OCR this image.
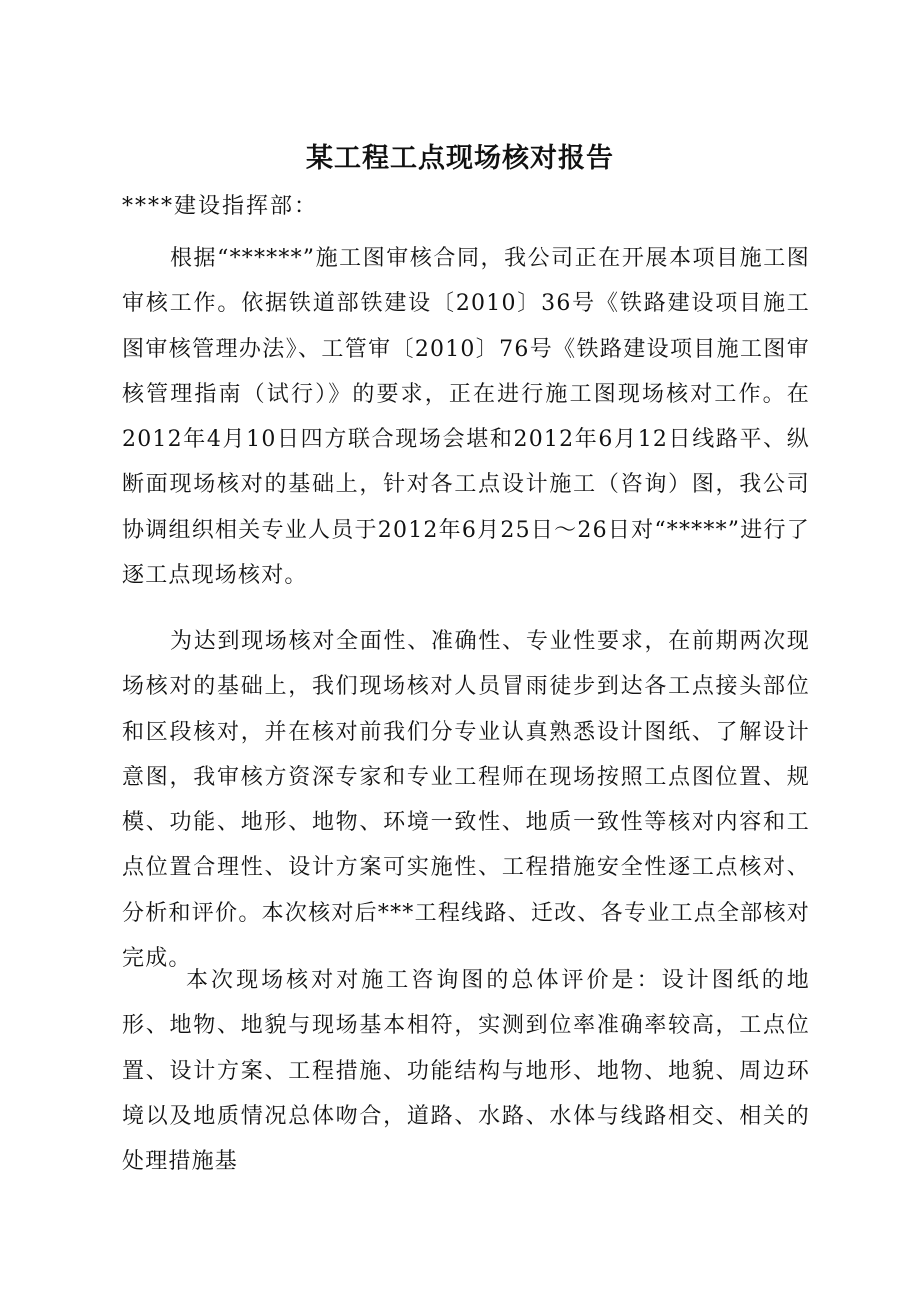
某工程工点现场核对报告
****建设指挥部：

根据“******”施工图审核合同，我公司正在开展本项目施工图审核工作。依据铁道部铁建设〔2010〕36号《铁路建设项目施工图审核管理办法》、工管审〔2010〕76号《铁路建设项目施工图审核管理指南（试行）》的要求，正在进行施工图现场核对工作。在2012年4月10日四方联合现场会堪和2012年6月12日线路平、纵断面现场核对的基础上，针对各工点设计施工（咨询）图，我公司协调组织相关专业人员于2012年6月25日～26日对“*****”进行了逐工点现场核对。

为达到现场核对全面性、准确性、专业性要求，在前期两次现场核对的基础上，我们现场核对人员冒雨徒步到达各工点接头部位和区段核对，并在核对前我们分专业认真熟悉设计图纸、了解设计意图，我审核方资深专家和专业工程师在现场按照工点图位置、规模、功能、地形、地物、环境一致性、地质一致性等核对内容和工点位置合理性、设计方案可实施性、工程措施安全性逐工点核对、分析和评价。本次核对后***工程线路、迁改、各专业工点全部核对完成。

本次现场核对对施工咨询图的总体评价是：设计图纸的地形、地物、地貌与现场基本相符，实测到位率准确率较高，工点位置、设计方案、工程措施、功能结构与地形、地物、地貌、周边环境以及地质情况总体吻合，道路、水路、水体与线路相交、相关的处理措施基
